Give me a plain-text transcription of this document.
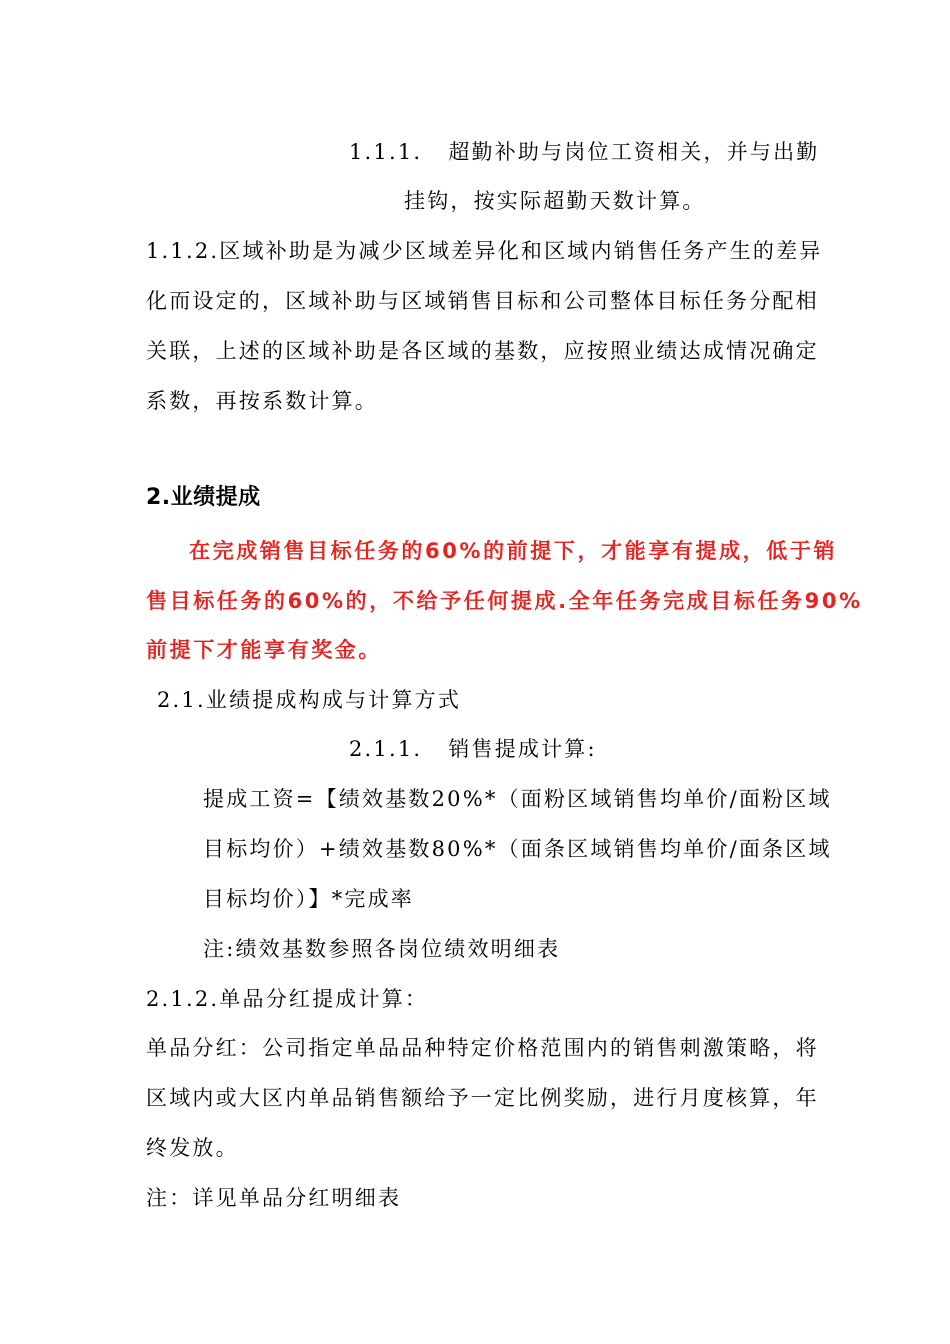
1.1.1. 超勤补助与岗位工资相关，并与出勤
挂钩，按实际超勤天数计算。
1.1.2.区域补助是为减少区域差异化和区域内销售任务产生的差异
化而设定的，区域补助与区域销售目标和公司整体目标任务分配相
关联，上述的区域补助是各区域的基数，应按照业绩达成情况确定
系数，再按系数计算。
2.业绩提成
在完成销售目标任务的60%的前提下，才能享有提成，低于销
售目标任务的60%的，不给予任何提成.全年任务完成目标任务90%
前提下才能享有奖金。
2.1.业绩提成构成与计算方式
2.1.1. 销售提成计算:
提成工资=【绩效基数20%*（面粉区域销售均单价/面粉区域
目标均价）+绩效基数80%*（面条区域销售均单价/面条区域
目标均价）】*完成率
注:绩效基数参照各岗位绩效明细表
2.1.2.单品分红提成计算：
单品分红：公司指定单品品种特定价格范围内的销售刺激策略，将
区域内或大区内单品销售额给予一定比例奖励，进行月度核算，年
终发放。
注：详见单品分红明细表
